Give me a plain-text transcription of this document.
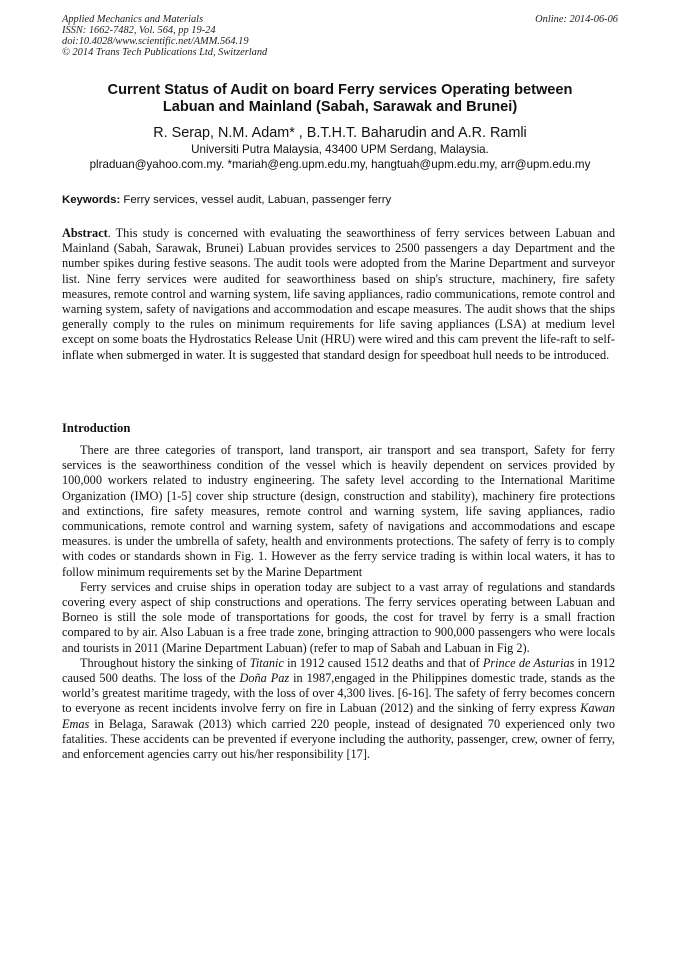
Applied Mechanics and Materials
ISSN: 1662-7482, Vol. 564, pp 19-24
doi:10.4028/www.scientific.net/AMM.564.19
© 2014 Trans Tech Publications Ltd, Switzerland
Online: 2014-06-06
Current Status of Audit on board Ferry services Operating between
Labuan and Mainland (Sabah, Sarawak and Brunei)
R. Serap, N.M. Adam* , B.T.H.T. Baharudin and A.R. Ramli
Universiti Putra Malaysia, 43400 UPM Serdang, Malaysia.
plraduan@yahoo.com.my. *mariah@eng.upm.edu.my, hangtuah@upm.edu.my, arr@upm.edu.my
Keywords: Ferry services, vessel audit, Labuan, passenger ferry
Abstract. This study is concerned with evaluating the seaworthiness of ferry services between Labuan and Mainland (Sabah, Sarawak, Brunei) Labuan provides services to 2500 passengers a day Department and the number spikes during festive seasons. The audit tools were adopted from the Marine Department and surveyor list. Nine ferry services were audited for seaworthiness based on ship's structure, machinery, fire safety measures, remote control and warning system, life saving appliances, radio communications, remote control and warning system, safety of navigations and accommodation and escape measures. The audit shows that the ships generally comply to the rules on minimum requirements for life saving appliances (LSA) at medium level except on some boats the Hydrostatics Release Unit (HRU) were wired and this cam prevent the life-raft to self-inflate when submerged in water. It is suggested that standard design for speedboat hull needs to be introduced.
Introduction

There are three categories of transport, land transport, air transport and sea transport, Safety for ferry services is the seaworthiness condition of the vessel which is heavily dependent on services provided by 100,000 workers related to industry engineering. The safety level according to the International Maritime Organization (IMO) [1-5] cover ship structure (design, construction and stability), machinery fire protections and extinctions, fire safety measures, remote control and warning system, life saving appliances, radio communications, remote control and warning system, safety of navigations and accommodations and escape measures. is under the umbrella of safety, health and environments protections. The safety of ferry is to comply with codes or standards shown in Fig. 1. However as the ferry service trading is within local waters, it has to follow minimum requirements set by the Marine Department

Ferry services and cruise ships in operation today are subject to a vast array of regulations and standards covering every aspect of ship constructions and operations. The ferry services operating between Labuan and Borneo is still the sole mode of transportations for goods, the cost for travel by ferry is a small fraction compared to by air. Also Labuan is a free trade zone, bringing attraction to 900,000 passengers who were locals and tourists in 2011 (Marine Department Labuan) (refer to map of Sabah and Labuan in Fig 2).

Throughout history the sinking of Titanic in 1912 caused 1512 deaths and that of Prince de Asturias in 1912 caused 500 deaths. The loss of the Doña Paz in 1987,engaged in the Philippines domestic trade, stands as the world’s greatest maritime tragedy, with the loss of over 4,300 lives. [6-16]. The safety of ferry becomes concern to everyone as recent incidents involve ferry on fire in Labuan (2012) and the sinking of ferry express Kawan Emas in Belaga, Sarawak (2013) which carried 220 people, instead of designated 70 experienced only two fatalities. These accidents can be prevented if everyone including the authority, passenger, crew, owner of ferry, and enforcement agencies carry out his/her responsibility [17].
